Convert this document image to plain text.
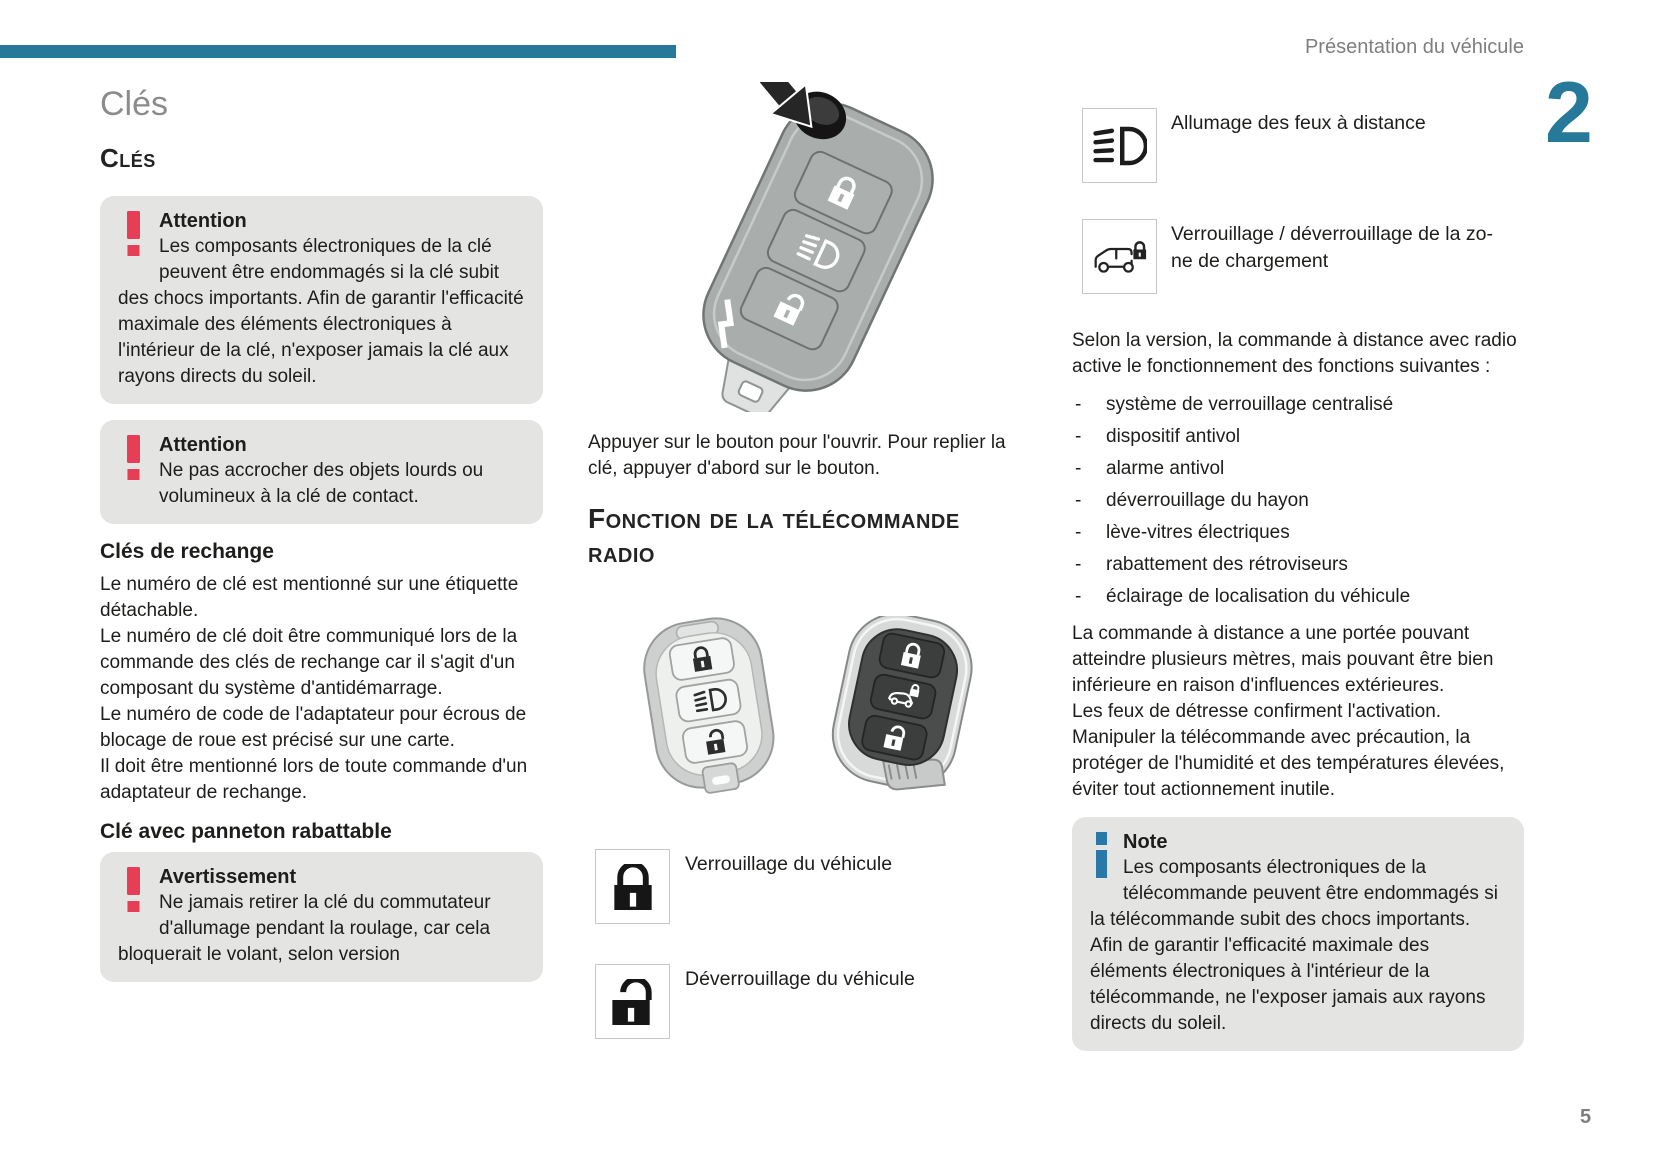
Présentation du véhicule
2
Clés
Clés
Attention
Les composants électroniques de la clé peuvent être endommagés si la clé subit des chocs importants. Afin de garantir l'efficacité maximale des éléments électroniques à l'intérieur de la clé, n'exposer jamais la clé aux rayons directs du soleil.
Attention
Ne pas accrocher des objets lourds ou volumineux à la clé de contact.
Clés de rechange

Le numéro de clé est mentionné sur une étiquette détachable.

Le numéro de clé doit être communiqué lors de la commande des clés de rechange car il s'agit d'un composant du système d'antidémarrage.

Le numéro de code de l'adaptateur pour écrous de blocage de roue est précisé sur une carte.

Il doit être mentionné lors de toute commande d'un adaptateur de rechange.

Clé avec panneton rabattable
Avertissement
Ne jamais retirer la clé du commutateur d'allumage pendant la roulage, car cela bloquerait le volant, selon version

Appuyer sur le bouton pour l'ouvrir. Pour replier la clé, appuyer d'abord sur le bouton.

Fonction de la télécommande radio
Verrouillage du véhicule
Déverrouillage du véhicule
Allumage des feux à distance
Verrouillage / déverrouillage de la zo-
ne de chargement

Selon la version, la commande à distance avec radio active le fonctionnement des fonctions suivantes :

- système de verrouillage centralisé
- dispositif antivol
- alarme antivol
- déverrouillage du hayon
- lève-vitres électriques
- rabattement des rétroviseurs
- éclairage de localisation du véhicule

La commande à distance a une portée pouvant atteindre plusieurs mètres, mais pouvant être bien inférieure en raison d'influences extérieures.

Les feux de détresse confirment l'activation.

Manipuler la télécommande avec précaution, la protéger de l'humidité et des températures élevées, éviter tout actionnement inutile.

Note
Les composants électroniques de la télécommande peuvent être endommagés si la télécommande subit des chocs importants. Afin de garantir l'efficacité maximale des éléments électroniques à l'intérieur de la télécommande, ne l'exposer jamais aux rayons directs du soleil.
5
